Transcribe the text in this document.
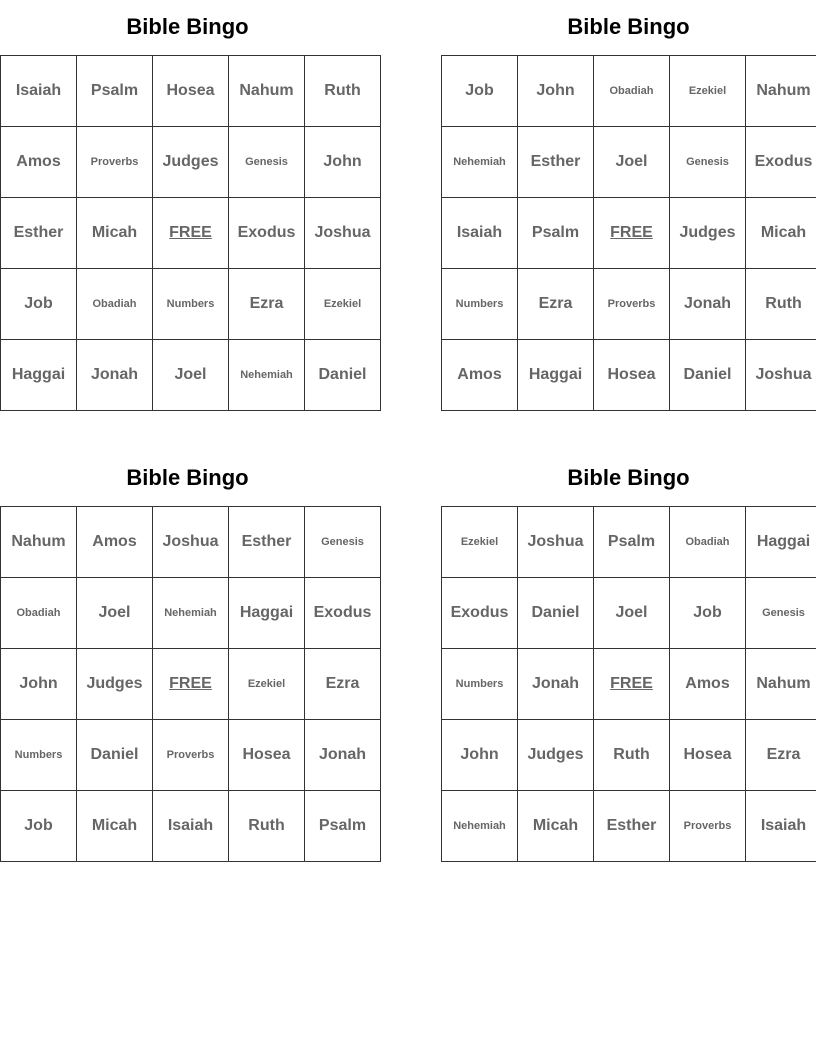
Bible Bingo
Isaiah	Psalm	Hosea	Nahum	Ruth
Amos	Proverbs	Judges	Genesis	John
Esther	Micah	FREE	Exodus	Joshua
Job	Obadiah	Numbers	Ezra	Ezekiel
Haggai	Jonah	Joel	Nehemiah	Daniel
Bible Bingo
Job	John	Obadiah	Ezekiel	Nahum
Nehemiah	Esther	Joel	Genesis	Exodus
Isaiah	Psalm	FREE	Judges	Micah
Numbers	Ezra	Proverbs	Jonah	Ruth
Amos	Haggai	Hosea	Daniel	Joshua
Bible Bingo
Nahum	Amos	Joshua	Esther	Genesis
Obadiah	Joel	Nehemiah	Haggai	Exodus
John	Judges	FREE	Ezekiel	Ezra
Numbers	Daniel	Proverbs	Hosea	Jonah
Job	Micah	Isaiah	Ruth	Psalm
Bible Bingo
Ezekiel	Joshua	Psalm	Obadiah	Haggai
Exodus	Daniel	Joel	Job	Genesis
Numbers	Jonah	FREE	Amos	Nahum
John	Judges	Ruth	Hosea	Ezra
Nehemiah	Micah	Esther	Proverbs	Isaiah
